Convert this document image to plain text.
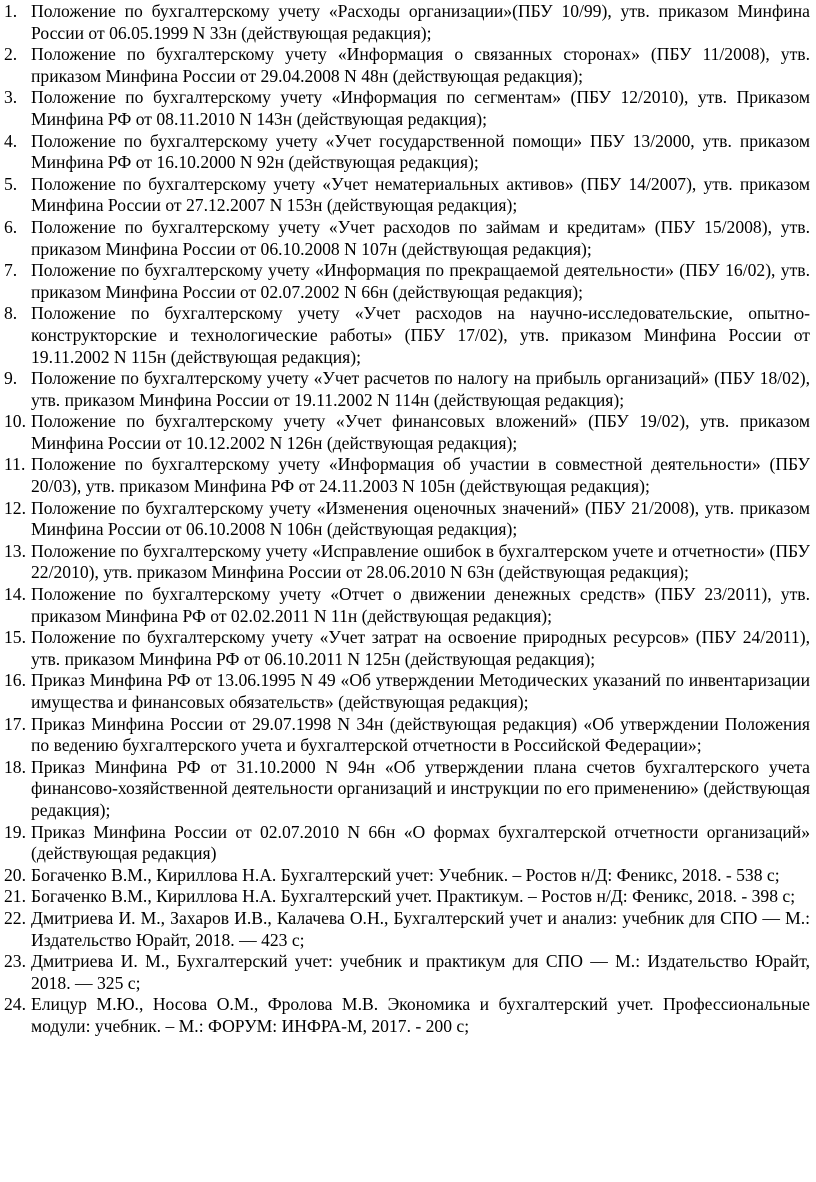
1. Положение по бухгалтерскому учету «Расходы организации»(ПБУ 10/99), утв. приказом Минфина России от 06.05.1999 N 33н (действующая редакция);
2. Положение по бухгалтерскому учету «Информация о связанных сторонах» (ПБУ 11/2008), утв. приказом Минфина России от 29.04.2008 N 48н (действующая редакция);
3. Положение по бухгалтерскому учету «Информация по сегментам» (ПБУ 12/2010), утв. Приказом Минфина РФ от 08.11.2010 N 143н (действующая редакция);
4. Положение по бухгалтерскому учету «Учет государственной помощи» ПБУ 13/2000, утв. приказом Минфина РФ от 16.10.2000 N 92н (действующая редакция);
5. Положение по бухгалтерскому учету «Учет нематериальных активов» (ПБУ 14/2007), утв. приказом Минфина России от 27.12.2007 N 153н (действующая редакция);
6. Положение по бухгалтерскому учету «Учет расходов по займам и кредитам» (ПБУ 15/2008), утв. приказом Минфина России от 06.10.2008 N 107н (действующая редакция);
7. Положение по бухгалтерскому учету «Информация по прекращаемой деятельности» (ПБУ 16/02), утв. приказом Минфина России от 02.07.2002 N 66н (действующая редакция);
8. Положение по бухгалтерскому учету «Учет расходов на научно-исследовательские, опытно-конструкторские и технологические работы» (ПБУ 17/02), утв. приказом Минфина России от 19.11.2002 N 115н (действующая редакция);
9. Положение по бухгалтерскому учету «Учет расчетов по налогу на прибыль организаций» (ПБУ 18/02), утв. приказом Минфина России от 19.11.2002 N 114н (действующая редакция);
10. Положение по бухгалтерскому учету «Учет финансовых вложений» (ПБУ 19/02), утв. приказом Минфина России от 10.12.2002 N 126н (действующая редакция);
11. Положение по бухгалтерскому учету «Информация об участии в совместной деятельности» (ПБУ 20/03), утв. приказом Минфина РФ от 24.11.2003 N 105н (действующая редакция);
12. Положение по бухгалтерскому учету «Изменения оценочных значений» (ПБУ 21/2008), утв. приказом Минфина России от 06.10.2008 N 106н (действующая редакция);
13. Положение по бухгалтерскому учету «Исправление ошибок в бухгалтерском учете и отчетности» (ПБУ 22/2010), утв. приказом Минфина России от 28.06.2010 N 63н (действующая редакция);
14. Положение по бухгалтерскому учету «Отчет о движении денежных средств» (ПБУ 23/2011), утв. приказом Минфина РФ от 02.02.2011 N 11н (действующая редакция);
15. Положение по бухгалтерскому учету «Учет затрат на освоение природных ресурсов» (ПБУ 24/2011), утв. приказом Минфина РФ от 06.10.2011 N 125н (действующая редакция);
16. Приказ Минфина РФ от 13.06.1995 N 49 «Об утверждении Методических указаний по инвентаризации имущества и финансовых обязательств» (действующая редакция);
17. Приказ Минфина России от 29.07.1998 N 34н (действующая редакция) «Об утверждении Положения по ведению бухгалтерского учета и бухгалтерской отчетности в Российской Федерации»;
18. Приказ Минфина РФ от 31.10.2000 N 94н «Об утверждении плана счетов бухгалтерского учета финансово-хозяйственной деятельности организаций и инструкции по его применению» (действующая редакция);
19. Приказ Минфина России от 02.07.2010 N 66н «О формах бухгалтерской отчетности организаций» (действующая редакция)
20. Богаченко В.М., Кириллова Н.А. Бухгалтерский учет: Учебник. – Ростов н/Д: Феникс, 2018. - 538 с;
21. Богаченко В.М., Кириллова Н.А. Бухгалтерский учет. Практикум. – Ростов н/Д: Феникс, 2018. - 398 с;
22. Дмитриева И. М., Захаров И.В., Калачева О.Н., Бухгалтерский учет и анализ: учебник для СПО — М.: Издательство Юрайт, 2018. — 423 с;
23. Дмитриева И. М., Бухгалтерский учет: учебник и практикум для СПО — М.: Издательство Юрайт, 2018. — 325 с;
24. Елицур М.Ю., Носова О.М., Фролова М.В. Экономика и бухгалтерский учет. Профессиональные модули: учебник. – М.: ФОРУМ: ИНФРА-М, 2017. - 200 с;
